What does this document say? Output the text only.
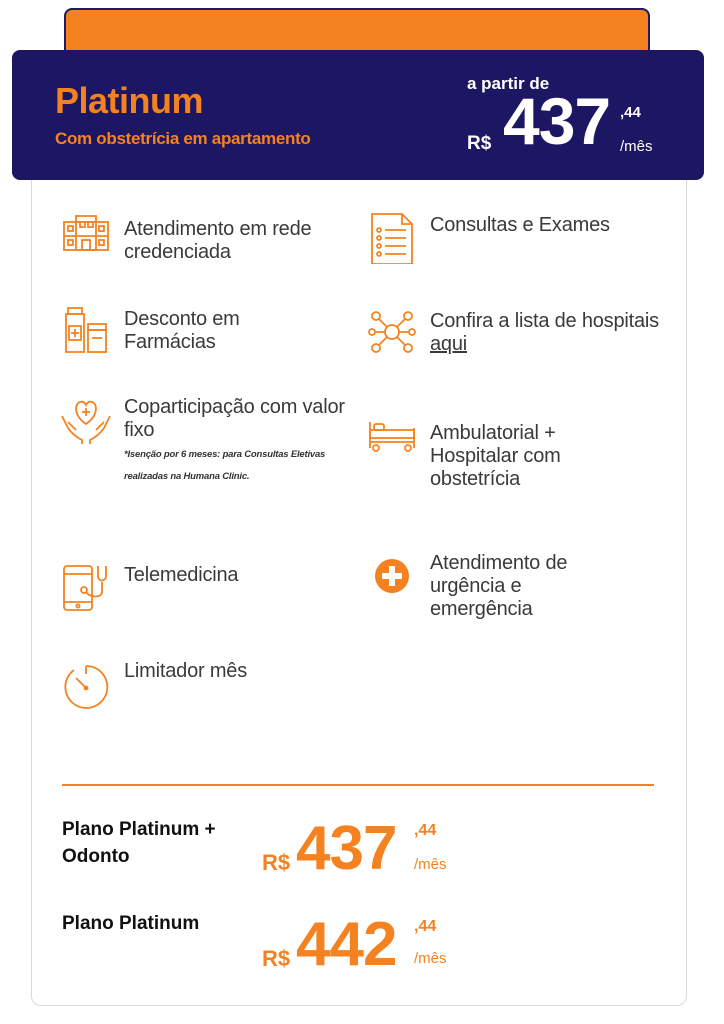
Platinum
Com obstetrícia em apartamento
a partir de
R$ 437 ,44
/mês
Atendimento em rede credenciada
Consultas e Exames
Desconto em Farmácias
Confira a lista de hospitais aqui
Coparticipação com valor fixo
*Isenção por 6 meses: para Consultas Eletivas realizadas na Humana Clinic.
Ambulatorial + Hospitalar com obstetrícia
Telemedicina
Atendimento de urgência e emergência
Limitador mês
Plano Platinum + Odonto	R$ 437 ,44
/mês
Plano Platinum
R$ 442 ,44
/mês
